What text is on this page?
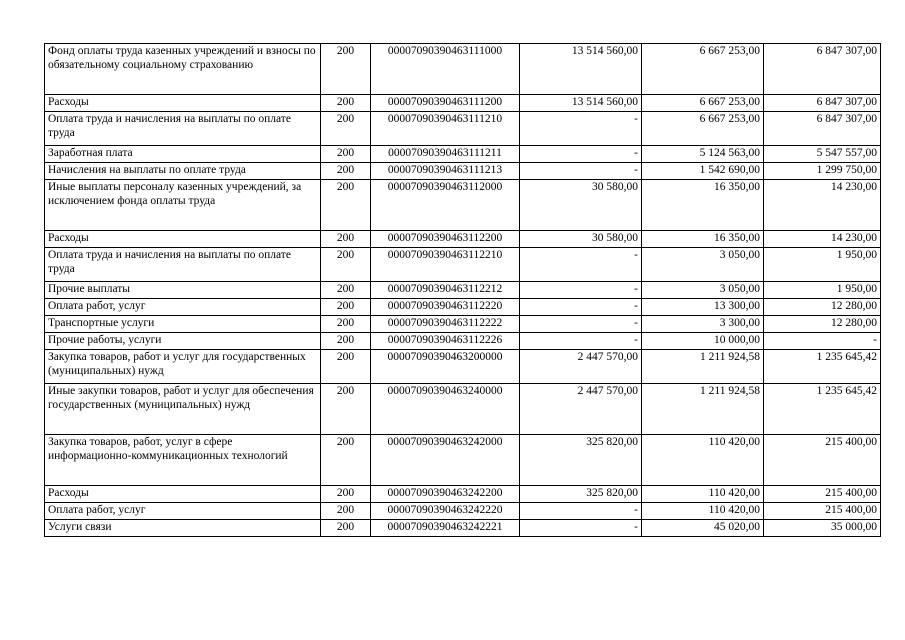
Фонд оплаты труда казенных учреждений и взносы по обязательному социальному страхованию	200	00007090390463111000	13 514 560,00	6 667 253,00	6 847 307,00
Расходы	200	00007090390463111200	13 514 560,00	6 667 253,00	6 847 307,00
Оплата труда и начисления на выплаты по оплате труда	200	00007090390463111210	-	6 667 253,00	6 847 307,00
Заработная плата	200	00007090390463111211	-	5 124 563,00	5 547 557,00
Начисления на выплаты по оплате труда	200	00007090390463111213	-	1 542 690,00	1 299 750,00
Иные выплаты персоналу казенных учреждений, за исключением фонда оплаты труда	200	00007090390463112000	30 580,00	16 350,00	14 230,00
Расходы	200	00007090390463112200	30 580,00	16 350,00	14 230,00
Оплата труда и начисления на выплаты по оплате труда	200	00007090390463112210	-	3 050,00	1 950,00
Прочие выплаты	200	00007090390463112212	-	3 050,00	1 950,00
Оплата работ, услуг	200	00007090390463112220	-	13 300,00	12 280,00
Транспортные услуги	200	00007090390463112222	-	3 300,00	12 280,00
Прочие работы, услуги	200	00007090390463112226	-	10 000,00	-
Закупка товаров, работ и услуг для государственных (муниципальных) нужд	200	00007090390463200000	2 447 570,00	1 211 924,58	1 235 645,42
Иные закупки товаров, работ и услуг для обеспечения государственных (муниципальных) нужд	200	00007090390463240000	2 447 570,00	1 211 924,58	1 235 645,42
Закупка товаров, работ, услуг в сфере информационно-коммуникационных технологий	200	00007090390463242000	325 820,00	110 420,00	215 400,00
Расходы	200	00007090390463242200	325 820,00	110 420,00	215 400,00
Оплата работ, услуг	200	00007090390463242220	-	110 420,00	215 400,00
Услуги связи	200	00007090390463242221	-	45 020,00	35 000,00
